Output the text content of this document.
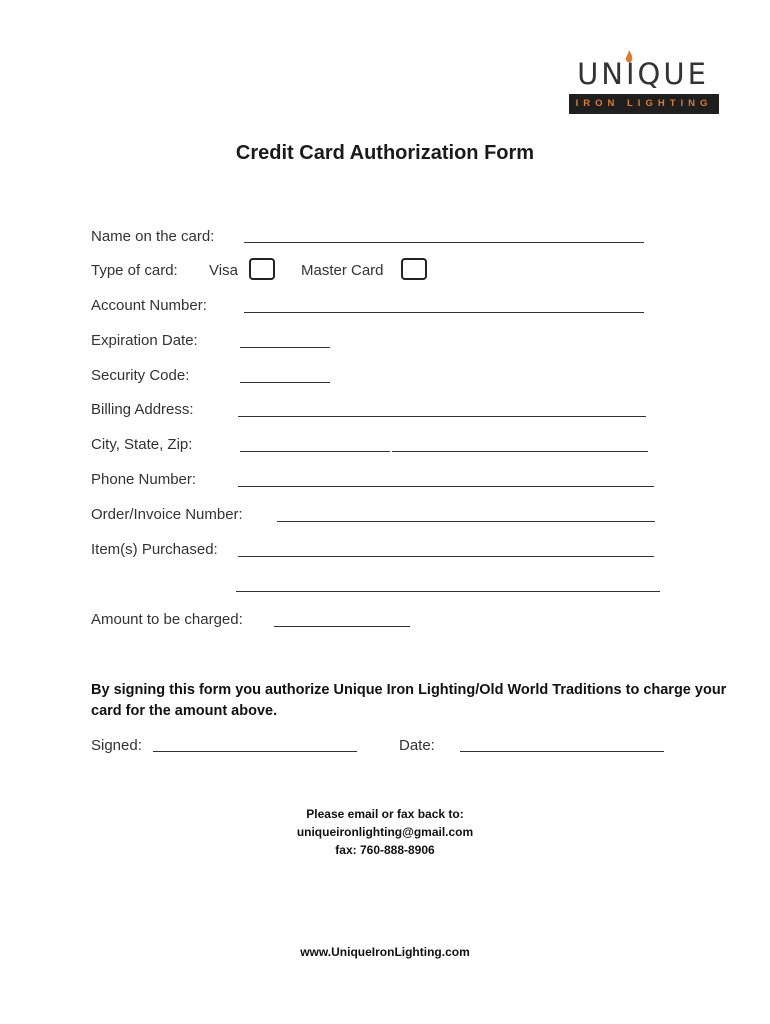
UNIQUE
IRON LIGHTING
Credit Card Authorization Form
Name on the card:
Type of card: Visa	Master Card
Account Number:
Expiration Date:
Security Code:
Billing Address:
City, State, Zip:
Phone Number:
Order/Invoice Number:
Item(s) Purchased:
Amount to be charged:
By signing this form you authorize Unique Iron Lighting/Old World Traditions to charge your card for the amount above.
Signed:	Date:
Please email or fax back to:
uniqueironlighting@gmail.com
fax: 760-888-8906
www.UniqueIronLighting.com
